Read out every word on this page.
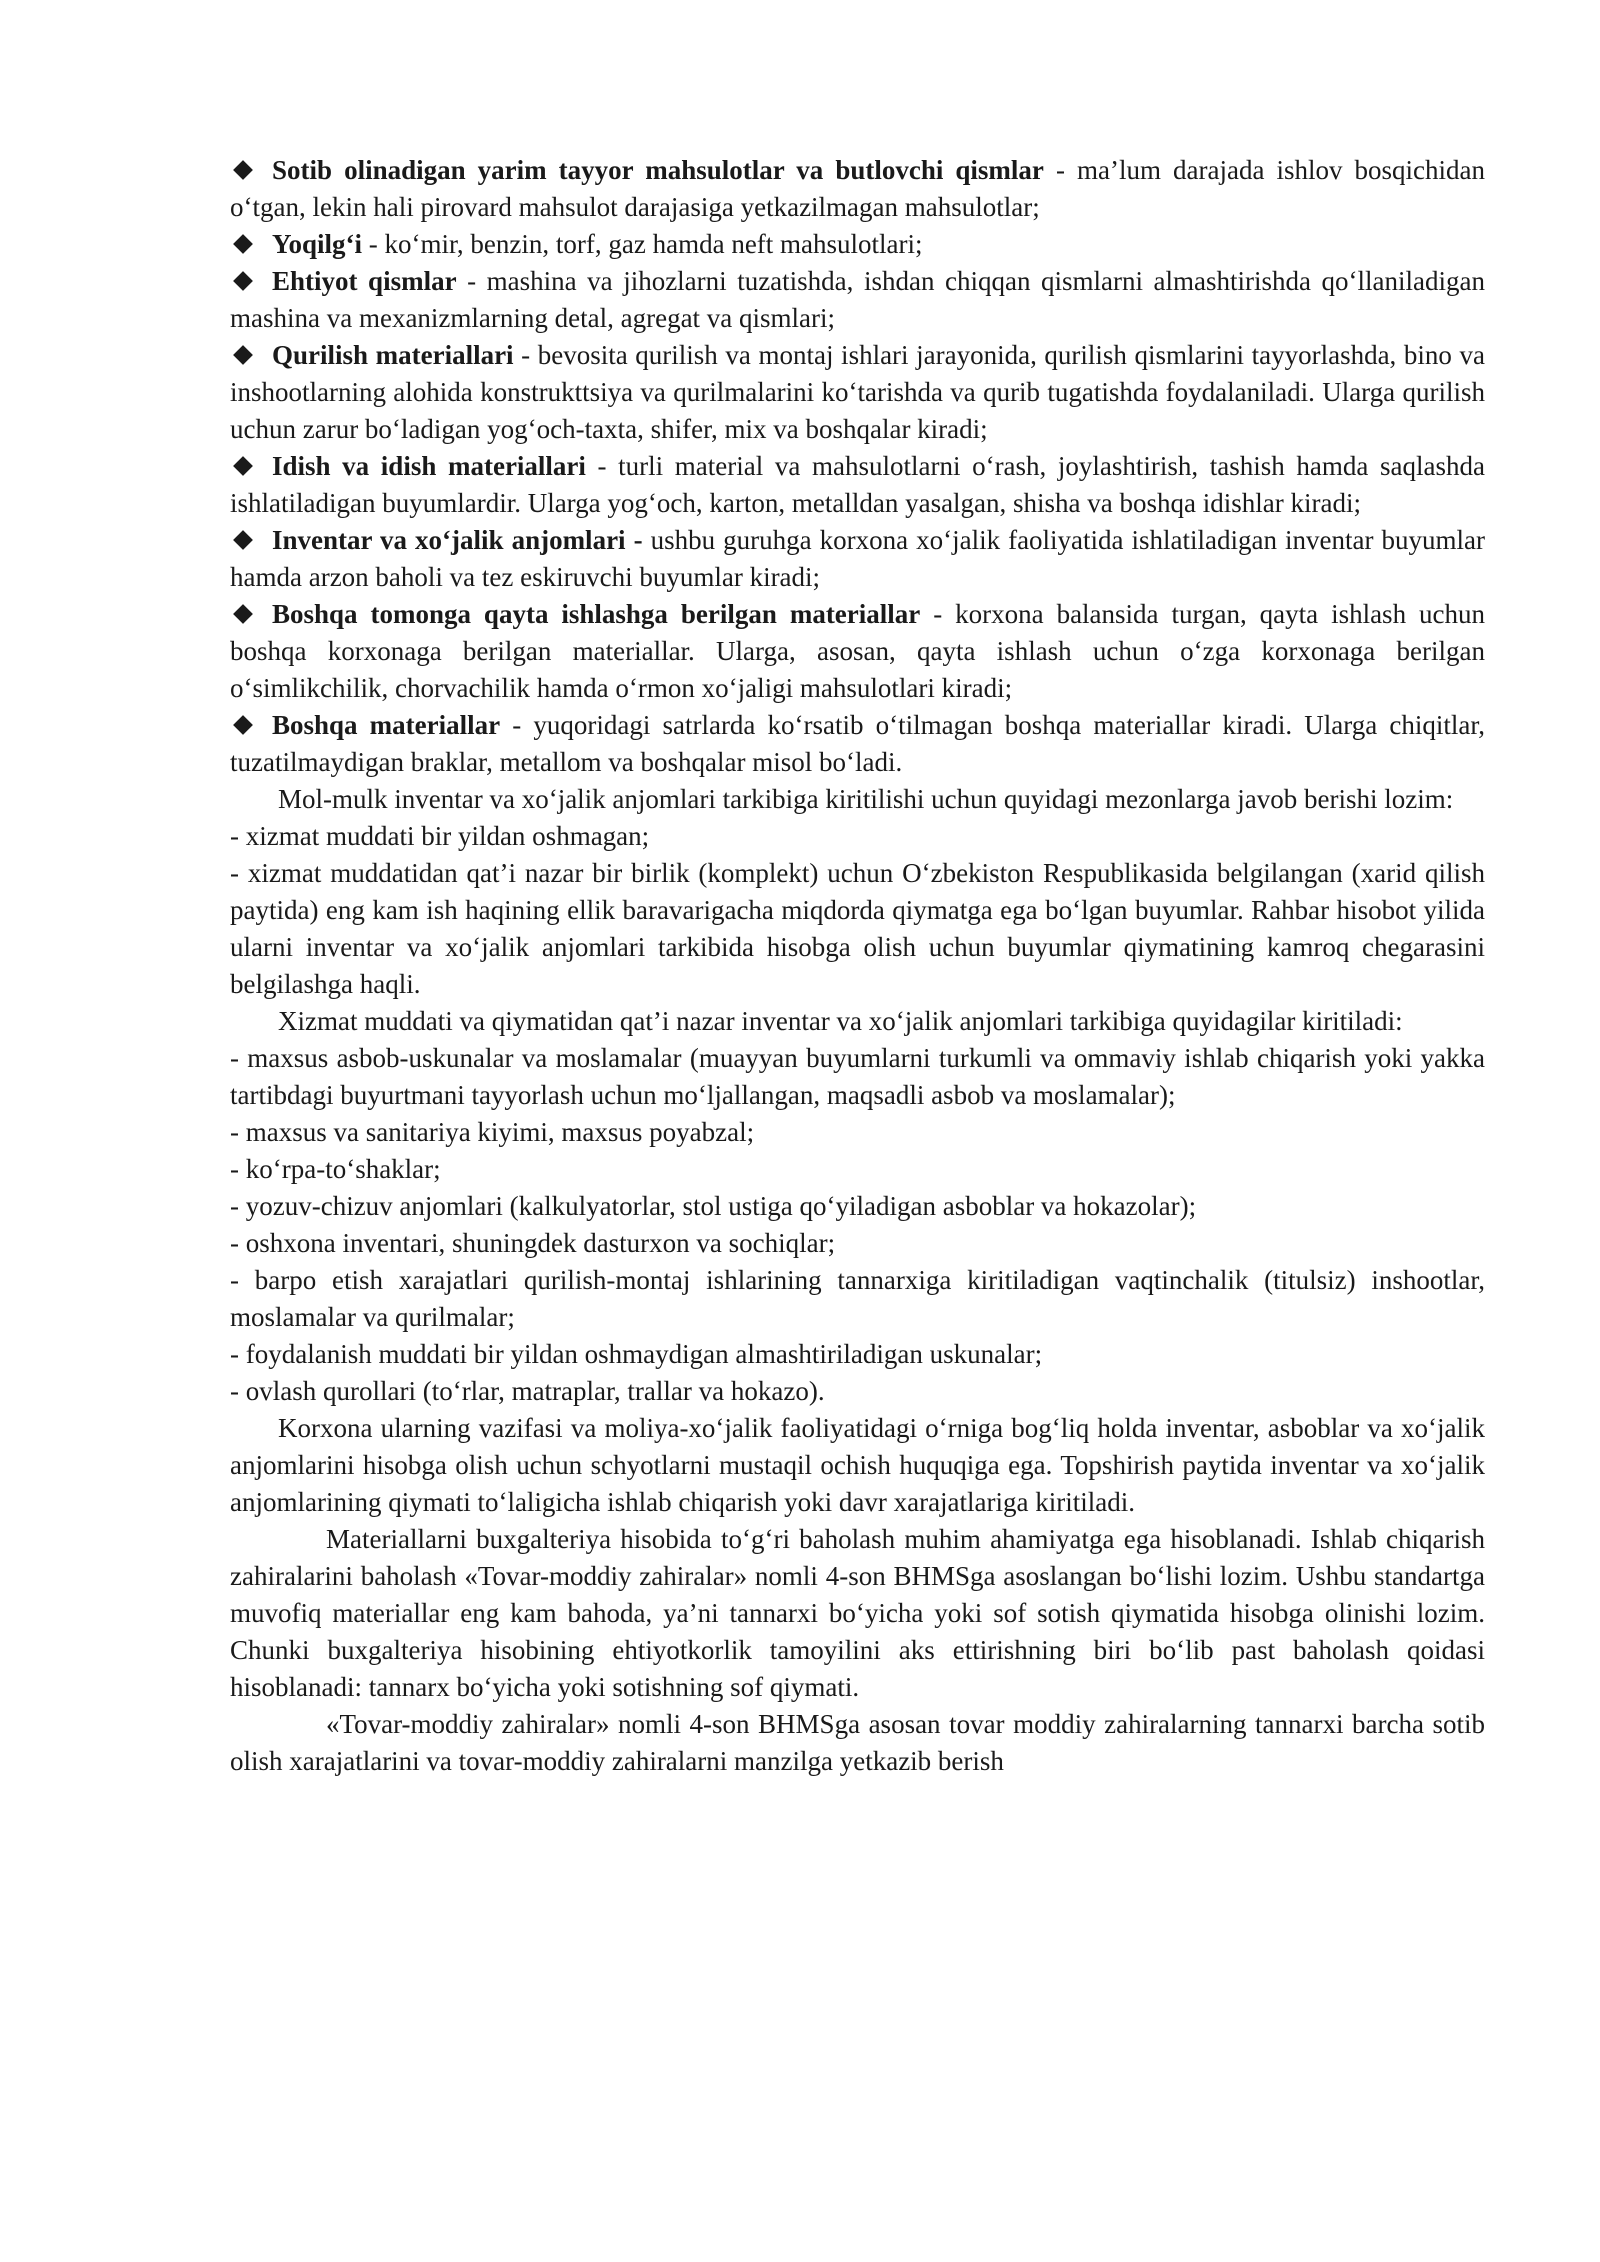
Sotib olinadigan yarim tayyor mahsulotlar va butlovchi qismlar - ma’lum darajada ishlov bosqichidan o‘tgan, lekin hali pirovard mahsulot darajasiga yetkazilmagan mahsulotlar;

Yoqilg‘i - ko‘mir, benzin, torf, gaz hamda neft mahsulotlari;

Ehtiyot qismlar - mashina va jihozlarni tuzatishda, ishdan chiqqan qismlarni almashtirishda qo‘llaniladigan mashina va mexanizmlarning detal, agregat va qismlari;

Qurilish materiallari - bevosita qurilish va montaj ishlari jarayonida, qurilish qismlarini tayyorlashda, bino va inshootlarning alohida konstrukttsiya va qurilmalarini ko‘tarishda va qurib tugatishda foydalaniladi. Ularga qurilish uchun zarur bo‘ladigan yog‘och-taxta, shifer, mix va boshqalar kiradi;

Idish va idish materiallari - turli material va mahsulotlarni o‘rash, joylashtirish, tashish hamda saqlashda ishlatiladigan buyumlardir. Ularga yog‘och, karton, metalldan yasalgan, shisha va boshqa idishlar kiradi;

Inventar va xo‘jalik anjomlari - ushbu guruhga korxona xo‘jalik faoliyatida ishlatiladigan inventar buyumlar hamda arzon baholi va tez eskiruvchi buyumlar kiradi;

Boshqa tomonga qayta ishlashga berilgan materiallar - korxona balansida turgan, qayta ishlash uchun boshqa korxonaga berilgan materiallar. Ularga, asosan, qayta ishlash uchun o‘zga korxonaga berilgan o‘simlikchilik, chorvachilik hamda o‘rmon xo‘jaligi mahsulotlari kiradi;

Boshqa materiallar - yuqoridagi satrlarda ko‘rsatib o‘tilmagan boshqa materiallar kiradi. Ularga chiqitlar, tuzatilmaydigan braklar, metallom va boshqalar misol bo‘ladi.

Mol-mulk inventar va xo‘jalik anjomlari tarkibiga kiritilishi uchun quyidagi mezonlarga javob berishi lozim:

- xizmat muddati bir yildan oshmagan;

- xizmat muddatidan qat’i nazar bir birlik (komplekt) uchun O‘zbekiston Respublikasida belgilangan (xarid qilish paytida) eng kam ish haqining ellik baravarigacha miqdorda qiymatga ega bo‘lgan buyumlar. Rahbar hisobot yilida ularni inventar va xo‘jalik anjomlari tarkibida hisobga olish uchun buyumlar qiymatining kamroq chegarasini belgilashga haqli.

Xizmat muddati va qiymatidan qat’i nazar inventar va xo‘jalik anjomlari tarkibiga quyidagilar kiritiladi:

- maxsus asbob-uskunalar va moslamalar (muayyan buyumlarni turkumli va ommaviy ishlab chiqarish yoki yakka tartibdagi buyurtmani tayyorlash uchun mo‘ljallangan, maqsadli asbob va moslamalar);

- maxsus va sanitariya kiyimi, maxsus poyabzal;

- ko‘rpa-to‘shaklar;

- yozuv-chizuv anjomlari (kalkulyatorlar, stol ustiga qo‘yiladigan asboblar va hokazolar);

- oshxona inventari, shuningdek dasturxon va sochiqlar;

- barpo etish xarajatlari qurilish-montaj ishlarining tannarxiga kiritiladigan vaqtinchalik (titulsiz) inshootlar, moslamalar va qurilmalar;

- foydalanish muddati bir yildan oshmaydigan almashtiriladigan uskunalar;

- ovlash qurollari (to‘rlar, matraplar, trallar va hokazo).

Korxona ularning vazifasi va moliya-xo‘jalik faoliyatidagi o‘rniga bog‘liq holda inventar, asboblar va xo‘jalik anjomlarini hisobga olish uchun schyotlarni mustaqil ochish huquqiga ega. Topshirish paytida inventar va xo‘jalik anjomlarining qiymati to‘laligicha ishlab chiqarish yoki davr xarajatlariga kiritiladi.

Materiallarni buxgalteriya hisobida to‘g‘ri baholash muhim ahamiyatga ega hisoblanadi. Ishlab chiqarish zahiralarini baholash «Tovar-moddiy zahiralar» nomli 4-son BHMSga asoslangan bo‘lishi lozim. Ushbu standartga muvofiq materiallar eng kam bahoda, ya’ni tannarxi bo‘yicha yoki sof sotish qiymatida hisobga olinishi lozim. Chunki buxgalteriya hisobining ehtiyotkorlik tamoyilini aks ettirishning biri bo‘lib past baholash qoidasi hisoblanadi: tannarx bo‘yicha yoki sotishning sof qiymati.

«Tovar-moddiy zahiralar» nomli 4-son BHMSga asosan tovar moddiy zahiralarning tannarxi barcha sotib olish xarajatlarini va tovar-moddiy zahiralarni manzilga yetkazib berish
